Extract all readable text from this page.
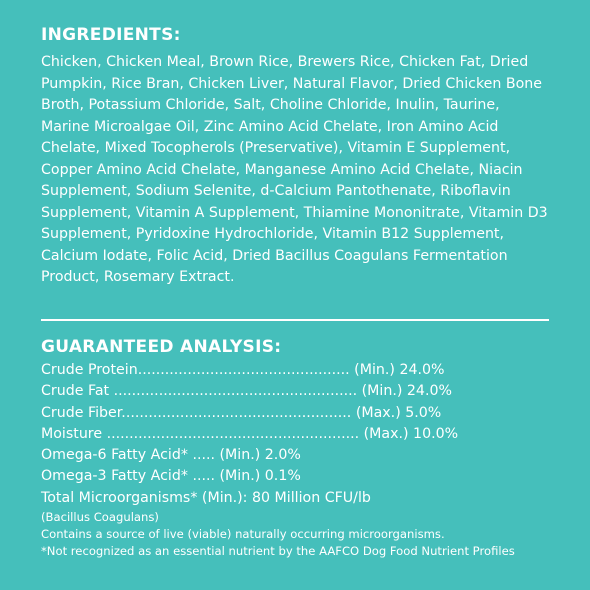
INGREDIENTS:

Chicken, Chicken Meal, Brown Rice, Brewers Rice, Chicken Fat, Dried Pumpkin, Rice Bran, Chicken Liver, Natural Flavor, Dried Chicken Bone Broth, Potassium Chloride, Salt, Choline Chloride, Inulin, Taurine, Marine Microalgae Oil, Zinc Amino Acid Chelate, Iron Amino Acid Chelate, Mixed Tocopherols (Preservative), Vitamin E Supplement, Copper Amino Acid Chelate, Manganese Amino Acid Chelate, Niacin Supplement, Sodium Selenite, d-Calcium Pantothenate, Riboflavin Supplement, Vitamin A Supplement, Thiamine Mononitrate, Vitamin D3 Supplement, Pyridoxine Hydrochloride, Vitamin B12 Supplement, Calcium Iodate, Folic Acid, Dried Bacillus Coagulans Fermentation Product, Rosemary Extract.

GUARANTEED ANALYSIS:
Crude Protein............................................... (Min.) 24.0%
Crude Fat ...................................................... (Min.) 24.0%
Crude Fiber................................................... (Max.) 5.0%
Moisture ........................................................ (Max.) 10.0%
Omega-6 Fatty Acid* ..... (Min.) 2.0%
Omega-3 Fatty Acid* ..... (Min.) 0.1%
Total Microorganisms* (Min.): 80 Million CFU/lb
(Bacillus Coagulans)
Contains a source of live (viable) naturally occurring microorganisms.
*Not recognized as an essential nutrient by the AAFCO Dog Food Nutrient Profiles
